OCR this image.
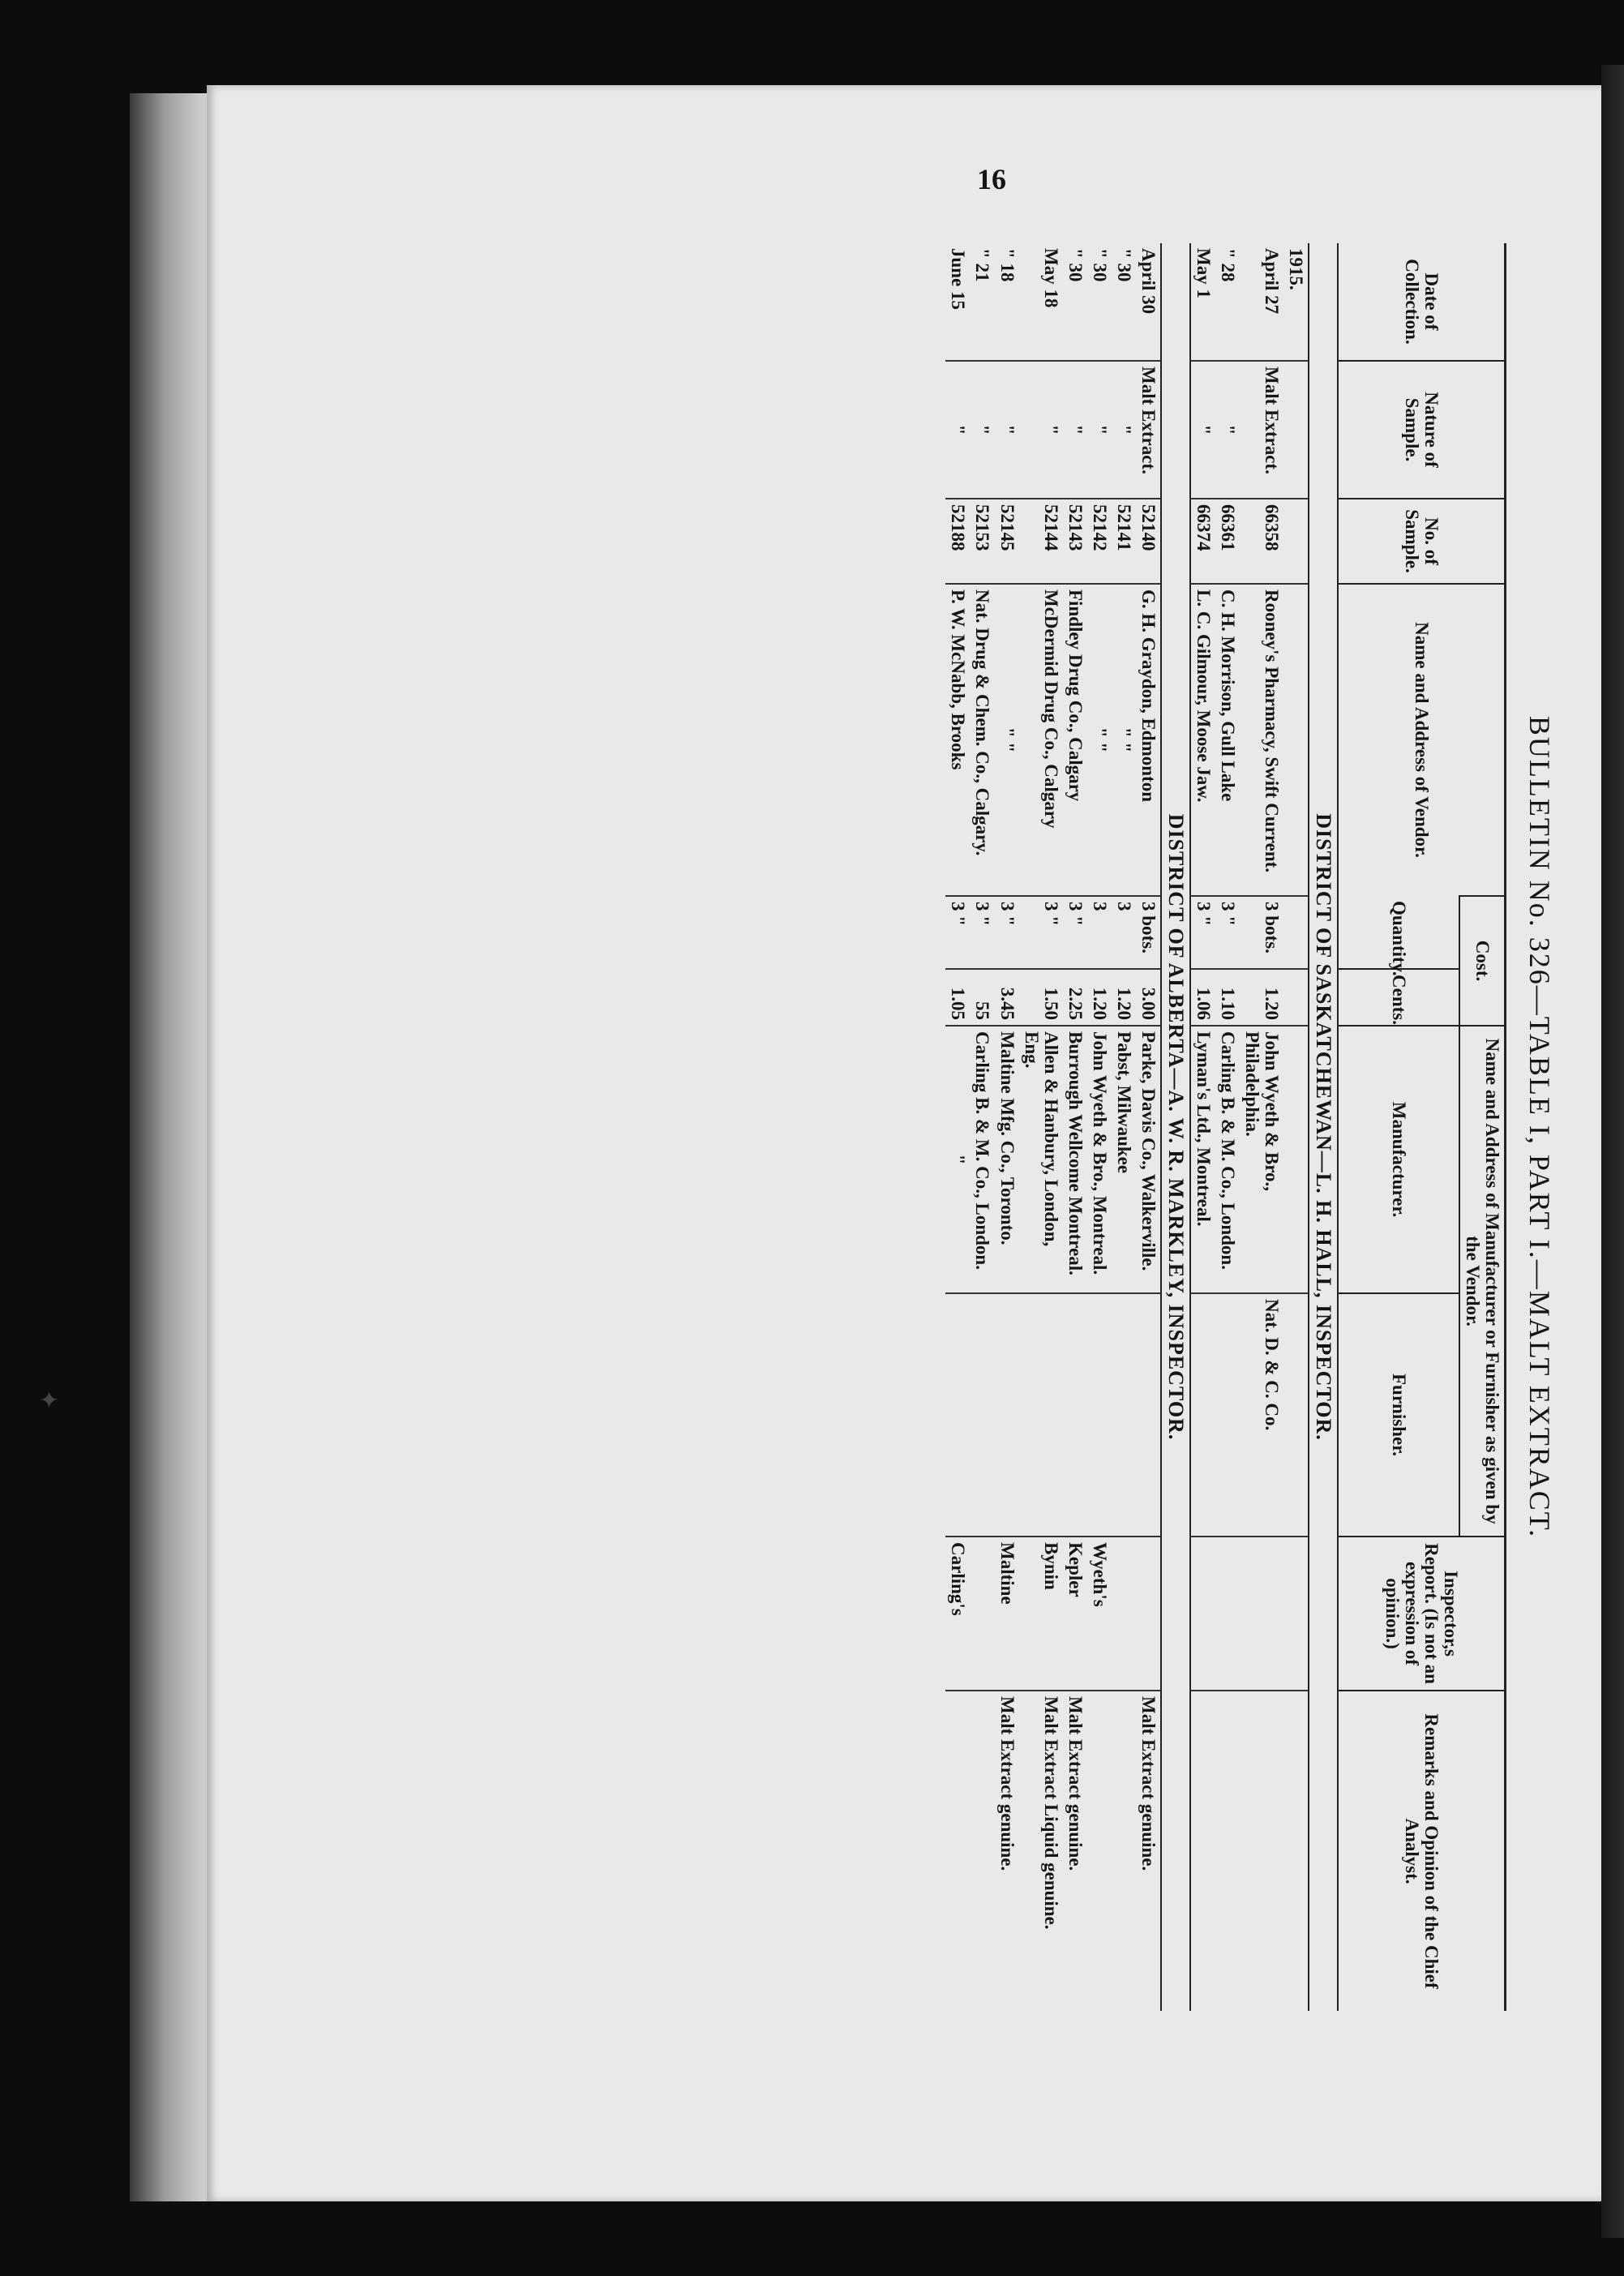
✦
16
BULLETIN No. 326—TABLE I, PART I.—MALT EXTRACT.
Date of Collection.	Nature of Sample.	No. of Sample.	Name and Address of Vendor.	Cost.		Name and Address of Manufacturer or Furnisher as given by the Vendor.		Inspector,s Report. (Is not an expression of opinion.)	Remarks and Opinion of the Chief Analyst.
				Quantity.	Cents.	Manufacturer.	Furnisher.		
DISTRICT OF SASKATCHEWAN—L. H. HALL, INSPECTOR.									
1915.									
April 27	Malt Extract.	66358	Rooney's Pharmacy, Swift Current.	3 bots.	1.20	John Wyeth & Bro., Philadelphia.	Nat. D. & C. Co.		
" 28	"	66361	C. H. Morrison, Gull Lake	3 "	1.10	Carling B. & M. Co., London.			
May 1	"	66374	L. C. Gilmour, Moose Jaw.	3 "	1.06	Lyman's Ltd., Montreal.			
DISTRICT OF ALBERTA—A. W. R. MARKLEY, INSPECTOR.									
April 30	Malt Extract.	52140	G. H. Graydon, Edmonton	3 bots.	3.00	Parke, Davis Co., Walkerville.			Malt Extract genuine.
" 30	"	52141	" "	3	1.20	Pabst, Milwaukee			
" 30	"	52142	" "	3	1.20	John Wyeth & Bro., Montreal.		Wyeth's	
" 30	"	52143	Findley Drug Co., Calgary	3 "	2.25	Burrough Wellcome Montreal.		Kepler	Malt Extract genuine.
May 18	"	52144	McDermid Drug Co., Calgary	3 "	1.50	Allen & Hanbury, London, Eng.		Bynin	Malt Extract Liquid genuine.
" 18	"	52145	" "	3 "	3.45	Maltine Mfg. Co., Toronto.		Maltine	Malt Extract genuine.
" 21	"	52153	Nat. Drug & Chem. Co., Calgary.	3 "	55	Carling B. & M. Co., London.			
June 15	"	52188	P. W. McNabb, Brooks	3 "	1.05	"		Carling's	
